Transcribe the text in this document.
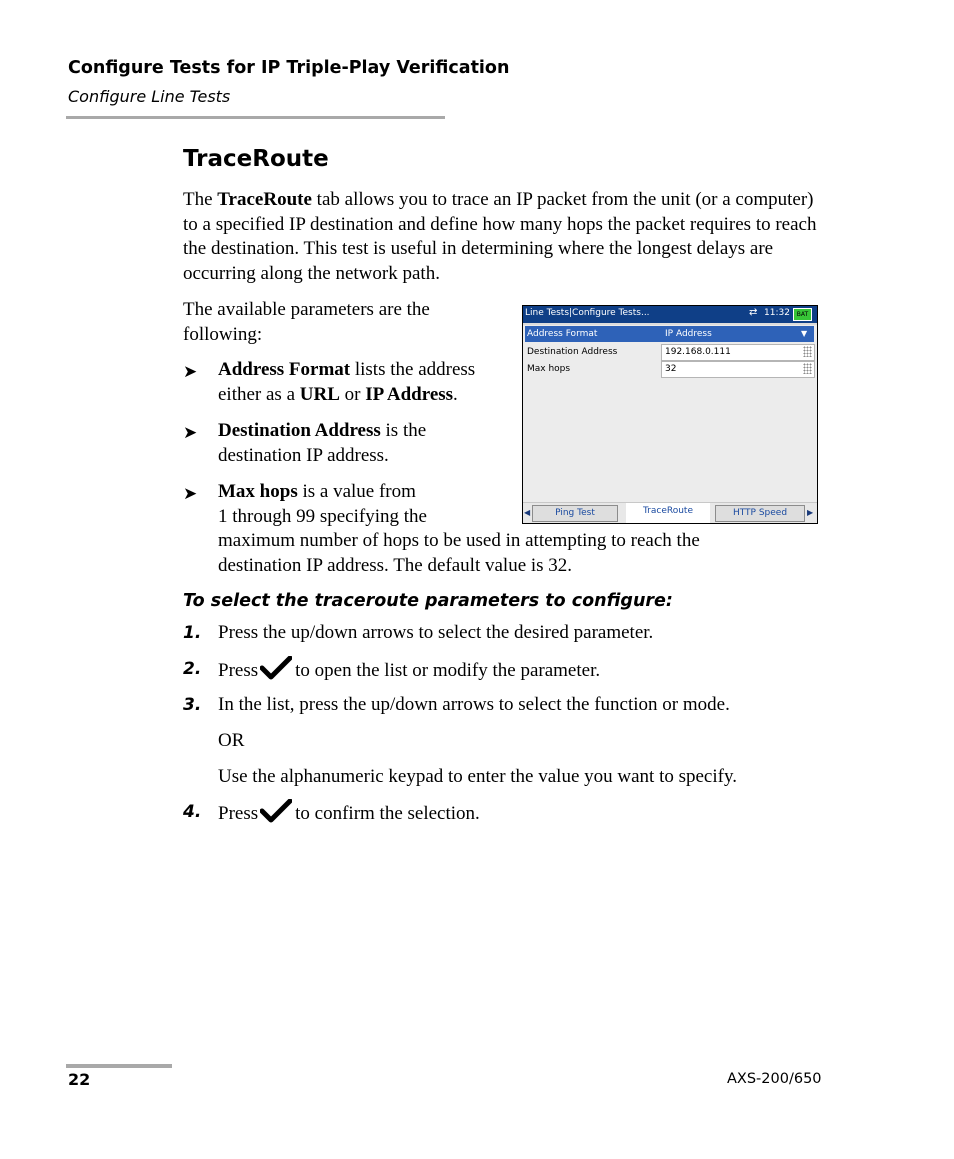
Configure Tests for IP Triple-Play Verification
Configure Line Tests
TraceRoute
The TraceRoute tab allows you to trace an IP packet from the unit (or a computer) to a specified IP destination and define how many hops the packet requires to reach the destination. This test is useful in determining where the longest delays are occurring along the network path.
The available parameters are the following:
➤ Address Format lists the address
either as a URL or IP Address.
➤ Destination Address is the
destination IP address.
➤ Max hops is a value from
1 through 99 specifying the
maximum number of hops to be used in attempting to reach the
destination IP address. The default value is 32.
Line Tests|Configure Tests...	⇄ 11:32	BAT
Address Format	IP Address	▼
Destination Address	192.168.0.111
Max hops	32
◀	Ping Test	TraceRoute	HTTP Speed	▶
To select the traceroute parameters to configure:
1. Press the up/down arrows to select the desired parameter.
2. Press to open the list or modify the parameter.
3. In the list, press the up/down arrows to select the function or mode.
OR
Use the alphanumeric keypad to enter the value you want to specify.
4. Press to confirm the selection.
22	AXS-200/650
